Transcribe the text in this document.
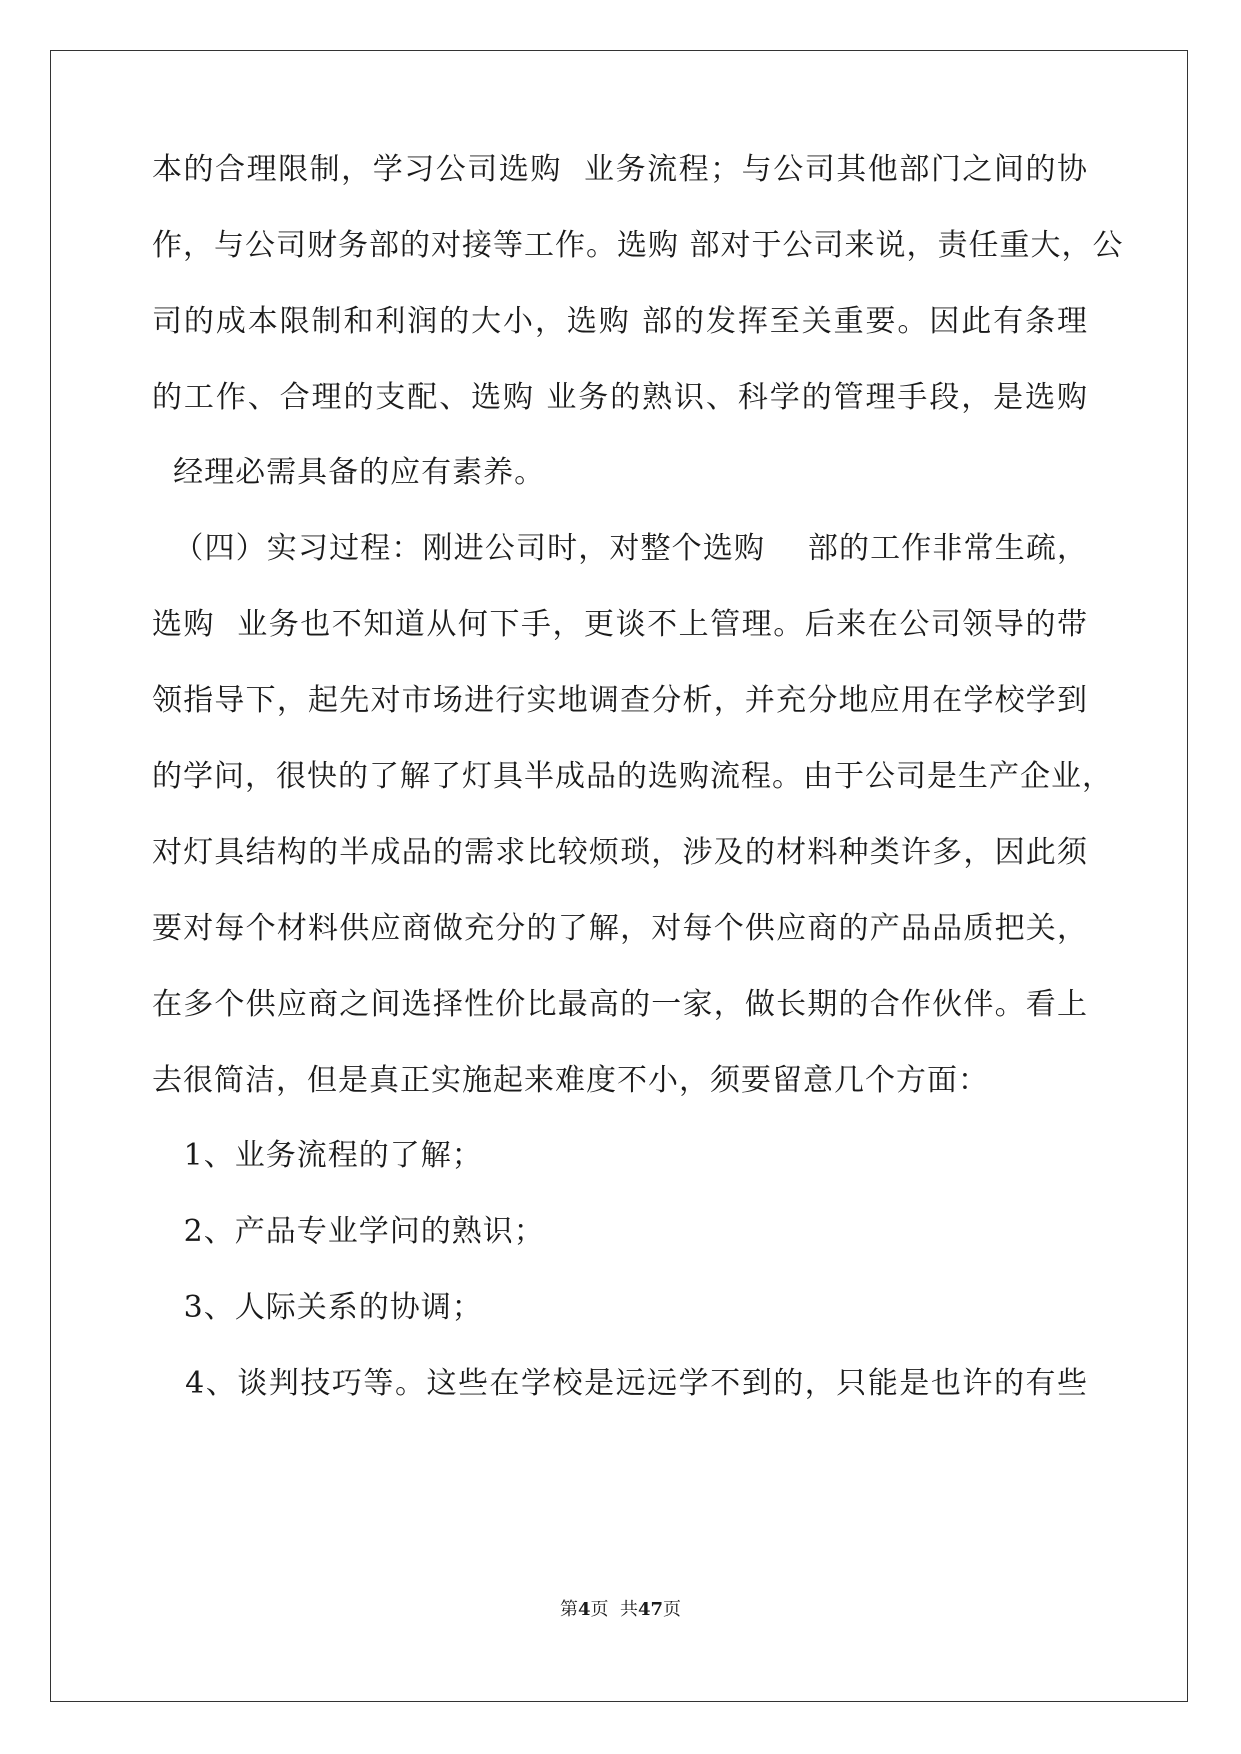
本的合理限制，学习公司选购  业务流程；与公司其他部门之间的协
作，与公司财务部的对接等工作。选购 部对于公司来说，责任重大，公
司的成本限制和利润的大小，选购 部的发挥至关重要。因此有条理
的工作、合理的支配、选购 业务的熟识、科学的管理手段，是选购
经理必需具备的应有素养。
（四）实习过程：刚进公司时，对整个选购    部的工作非常生疏，
选购  业务也不知道从何下手，更谈不上管理。后来在公司领导的带
领指导下，起先对市场进行实地调查分析，并充分地应用在学校学到
的学问，很快的了解了灯具半成品的选购流程。由于公司是生产企业，
对灯具结构的半成品的需求比较烦琐，涉及的材料种类许多，因此须
要对每个材料供应商做充分的了解，对每个供应商的产品品质把关，
在多个供应商之间选择性价比最高的一家，做长期的合作伙伴。看上
去很简洁，但是真正实施起来难度不小，须要留意几个方面：
1、业务流程的了解；
2、产品专业学问的熟识；
3、人际关系的协调；
4、谈判技巧等。这些在学校是远远学不到的，只能是也许的有些
第4页  共47页
